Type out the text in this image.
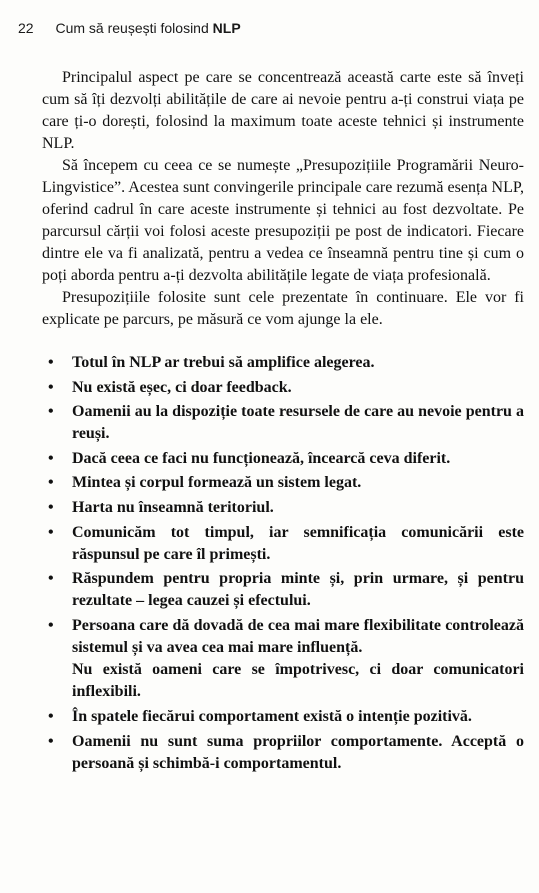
22 Cum să reușești folosind NLP

Principalul aspect pe care se concentrează această carte este să înveți cum să îți dezvolți abilitățile de care ai nevoie pentru a-ți construi viața pe care ți-o dorești, folosind la maximum toate aceste tehnici și instrumente NLP.

Să începem cu ceea ce se numește „Presupozițiile Programării Neuro-Lingvistice”. Acestea sunt convingerile principale care rezumă esența NLP, oferind cadrul în care aceste instrumente și tehnici au fost dezvoltate. Pe parcursul cărții voi folosi aceste presupoziții pe post de indicatori. Fiecare dintre ele va fi analizată, pentru a vedea ce înseamnă pentru tine și cum o poți aborda pentru a-ți dezvolta abilitățile legate de viața profesională.

Presupozițiile folosite sunt cele prezentate în continuare. Ele vor fi explicate pe parcurs, pe măsură ce vom ajunge la ele.

• Totul în NLP ar trebui să amplifice alegerea.
• Nu există eșec, ci doar feedback.
• Oamenii au la dispoziție toate resursele de care au nevoie pentru a reuși.
• Dacă ceea ce faci nu funcționează, încearcă ceva diferit.
• Mintea și corpul formează un sistem legat.
• Harta nu înseamnă teritoriul.
• Comunicăm tot timpul, iar semnificația comunicării este răspunsul pe care îl primești.
• Răspundem pentru propria minte și, prin urmare, și pentru rezultate – legea cauzei și efectului.
• Persoana care dă dovadă de cea mai mare flexibilitate controlează sistemul și va avea cea mai mare influență.
Nu există oameni care se împotrivesc, ci doar comunicatori inflexibili.
• În spatele fiecărui comportament există o intenție pozitivă.
• Oamenii nu sunt suma propriilor comportamente. Acceptă o persoană și schimbă-i comportamentul.
